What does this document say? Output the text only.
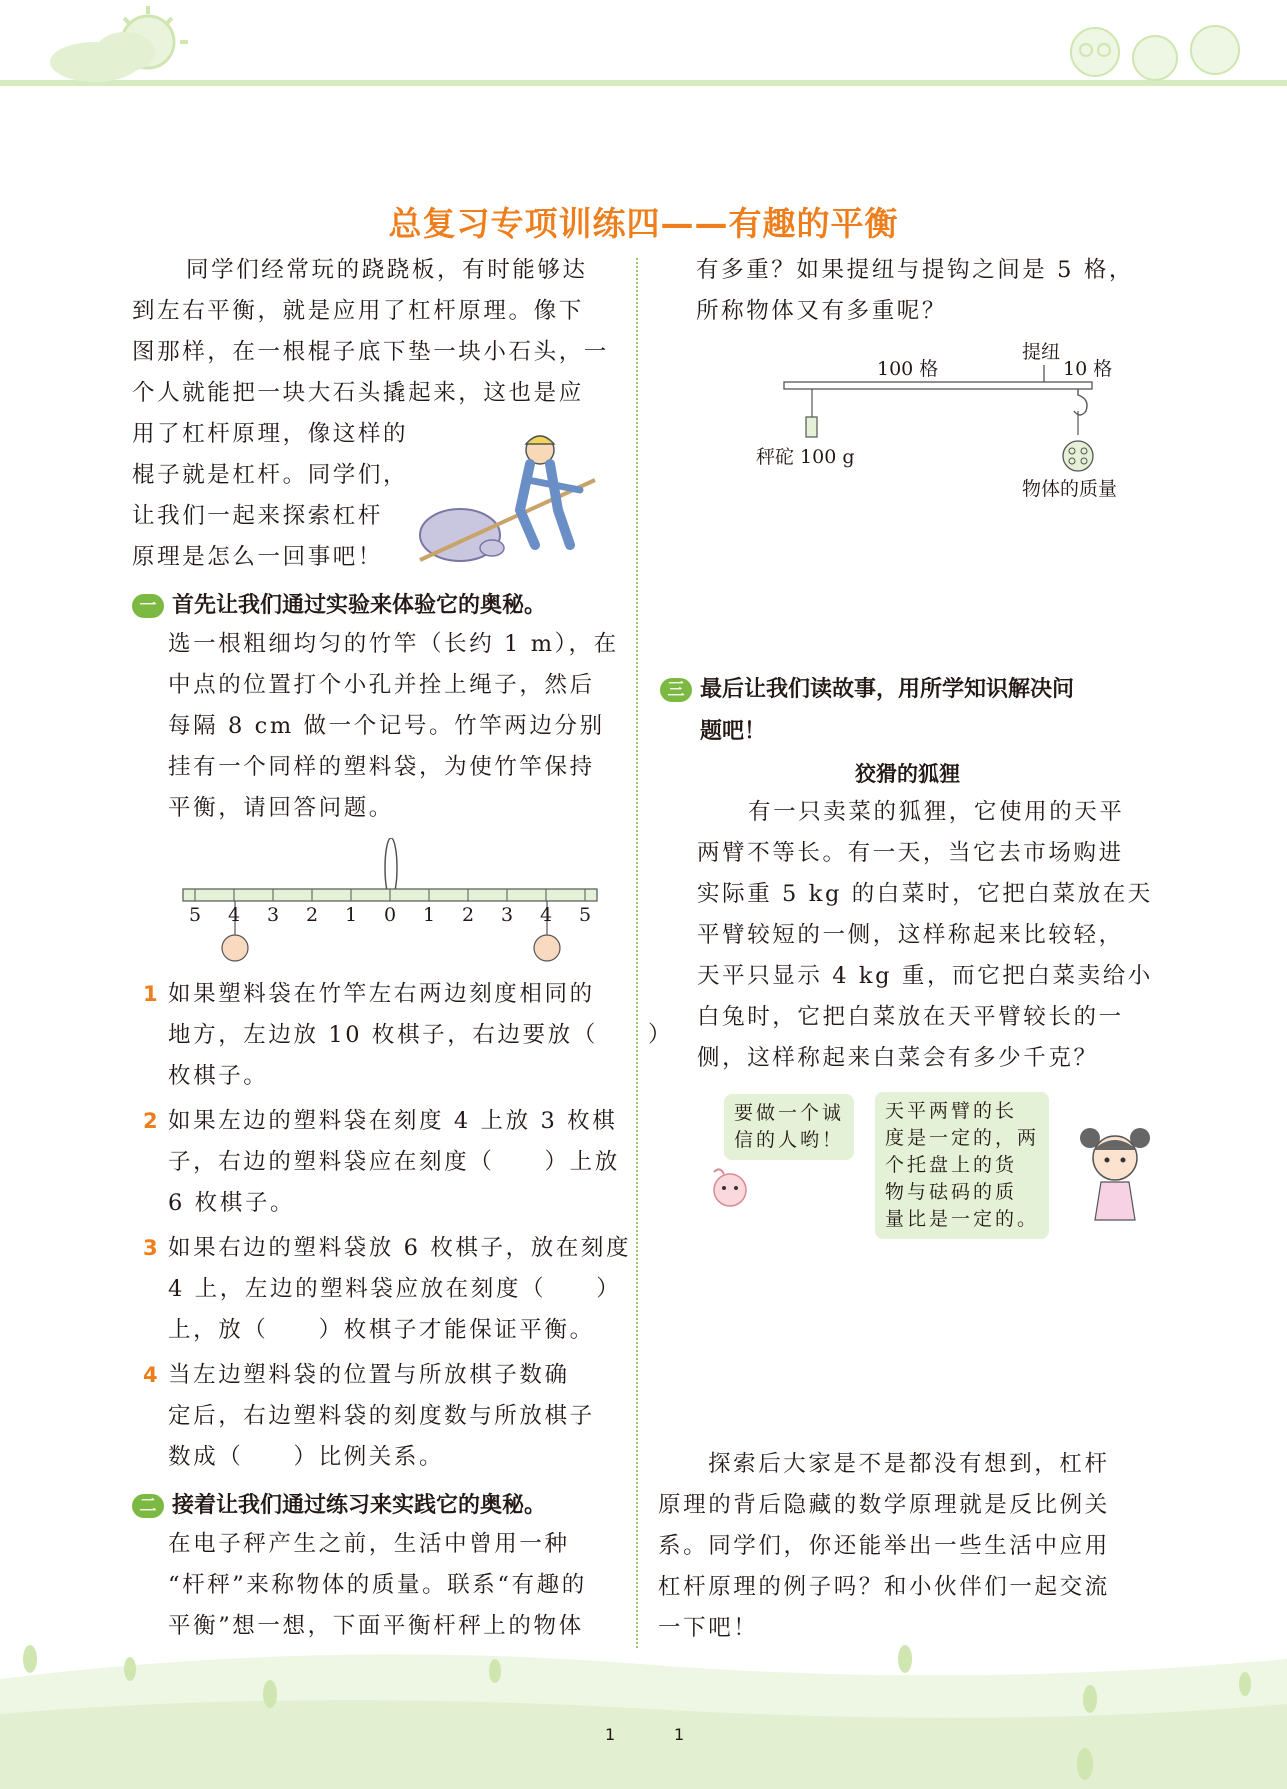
总复习专项训练四——有趣的平衡

同学们经常玩的跷跷板，有时能够达

到左右平衡，就是应用了杠杆原理。像下

图那样，在一根棍子底下垫一块小石头，一

个人就能把一块大石头撬起来，这也是应

用了杠杆原理，像这样的

棍子就是杠杆。同学们，

让我们一起来探索杠杆

原理是怎么一回事吧！

一 首先让我们通过实验来体验它的奥秘。

选一根粗细均匀的竹竿（长约 1 m），在

中点的位置打个小孔并拴上绳子，然后

每隔 8 cm 做一个记号。竹竿两边分别

挂有一个同样的塑料袋，为使竹竿保持

平衡，请回答问题。

5 4 3 2 1 0 1 2 3 4 5
1 如果塑料袋在竹竿左右两边刻度相同的

地方，左边放 10 枚棋子，右边要放（　　）

枚棋子。

2 如果左边的塑料袋在刻度 4 上放 3 枚棋

子，右边的塑料袋应在刻度（　　）上放

6 枚棋子。

3 如果右边的塑料袋放 6 枚棋子，放在刻度

4 上，左边的塑料袋应放在刻度（　　）

上，放（　　）枚棋子才能保证平衡。

4 当左边塑料袋的位置与所放棋子数确

定后，右边塑料袋的刻度数与所放棋子

数成（　　）比例关系。

二 接着让我们通过练习来实践它的奥秘。

在电子秤产生之前，生活中曾用一种

“杆秤”来称物体的质量。联系“有趣的

平衡”想一想，下面平衡杆秤上的物体

有多重？如果提纽与提钩之间是 5 格，

所称物体又有多重呢？

100 格
提纽
10 格
秤砣 100 g
物体的质量
三 最后让我们读故事，用所学知识解决问
题吧！
狡猾的狐狸

有一只卖菜的狐狸，它使用的天平

两臂不等长。有一天，当它去市场购进

实际重 5 kg 的白菜时，它把白菜放在天

平臂较短的一侧，这样称起来比较轻，

天平只显示 4 kg 重，而它把白菜卖给小

白兔时，它把白菜放在天平臂较长的一

侧，这样称起来白菜会有多少千克？

要做一个诚
信的人哟！
天平两臂的长
度是一定的，两
个托盘上的货
物与砝码的质
量比是一定的。

探索后大家是不是都没有想到，杠杆

原理的背后隐藏的数学原理就是反比例关

系。同学们，你还能举出一些生活中应用

杠杆原理的例子吗？和小伙伴们一起交流

一下吧！

1	1
